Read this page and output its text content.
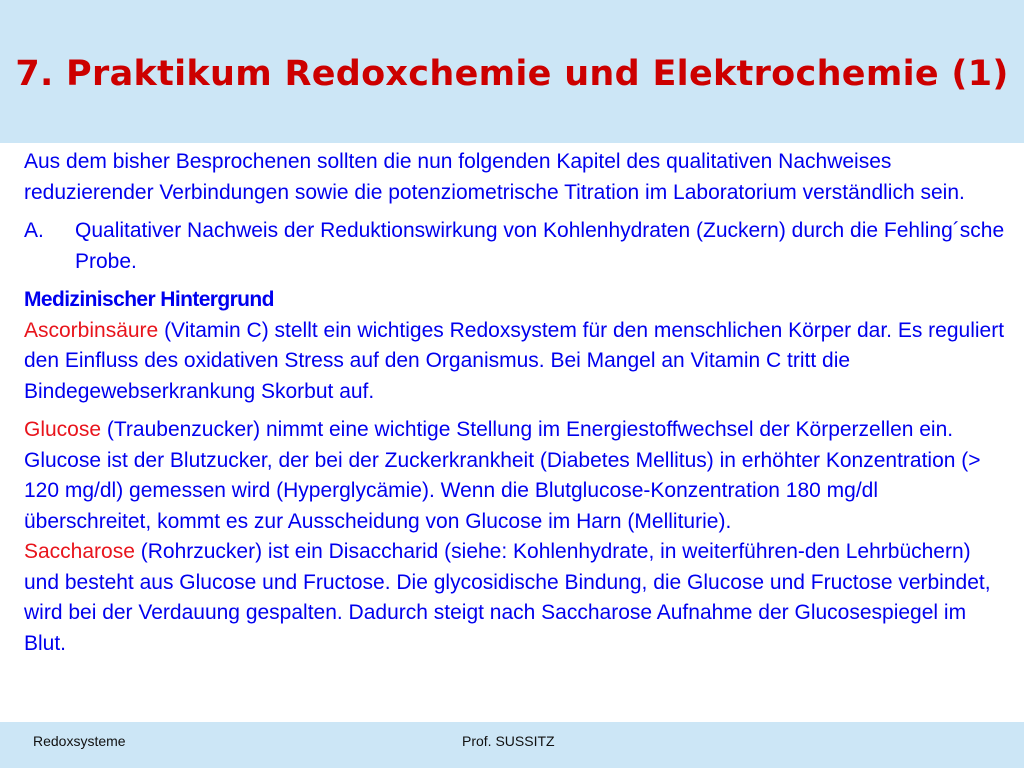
7. Praktikum Redoxchemie und Elektrochemie (1)

Aus dem bisher Besprochenen sollten die nun folgenden Kapitel des qualitativen Nachweises reduzierender Verbindungen sowie die potenziometrische Titration im Laboratorium verständlich sein.

A. Qualitativer Nachweis der Reduktionswirkung von Kohlenhydraten (Zuckern) durch die Fehling´sche Probe.

Medizinischer Hintergrund

Ascorbinsäure (Vitamin C) stellt ein wichtiges Redoxsystem für den menschlichen Körper dar. Es reguliert den Einfluss des oxidativen Stress auf den Organismus. Bei Mangel an Vitamin C tritt die Bindegewebserkrankung Skorbut auf.

Glucose (Traubenzucker) nimmt eine wichtige Stellung im Energiestoffwechsel der Körperzellen ein. Glucose ist der Blutzucker, der bei der Zuckerkrankheit (Diabetes Mellitus) in erhöhter Konzentration (> 120 mg/dl) gemessen wird (Hyperglycämie). Wenn die Blutglucose-Konzentration 180 mg/dl überschreitet, kommt es zur Ausscheidung von Glucose im Harn (Melliturie).

Saccharose (Rohrzucker) ist ein Disaccharid (siehe: Kohlenhydrate, in weiterführen-den Lehrbüchern) und besteht aus Glucose und Fructose. Die glycosidische Bindung, die Glucose und Fructose verbindet, wird bei der Verdauung gespalten. Dadurch steigt nach Saccharose Aufnahme der Glucosespiegel im Blut.

Redoxsysteme	Prof. SUSSITZ
